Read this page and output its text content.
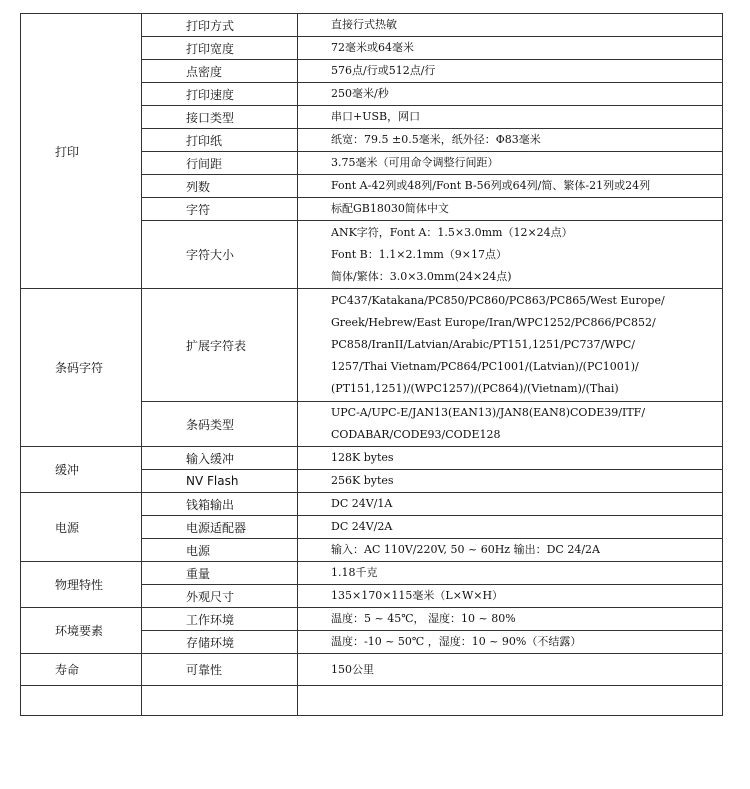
打印	打印方式	直接行式热敏

	打印宽度	72毫米或64毫米

	点密度	576点/行或512点/行

	打印速度	250毫米/秒

	接口类型	串口+USB，网口

	打印纸	纸宽：79.5 ±0.5毫米，纸外径：Φ83毫米

	行间距	3.75毫米（可用命令调整行间距）

	列数	Font A-42列或48列/Font B-56列或64列/简、繁体-21列或24列

	字符	标配GB18030简体中文

	字符大小	ANK字符，Font A：1.5×3.0mm（12×24点）
Font B：1.1×2.1mm（9×17点）
简体/繁体：3.0×3.0mm(24×24点)

条码字符	扩展字符表	PC437/Katakana/PC850/PC860/PC863/PC865/West Europe/
Greek/Hebrew/East Europe/Iran/WPC1252/PC866/PC852/
PC858/IranII/Latvian/Arabic/PT151,1251/PC737/WPC/
1257/Thai Vietnam/PC864/PC1001/(Latvian)/(PC1001)/
(PT151,1251)/(WPC1257)/(PC864)/(Vietnam)/(Thai)

	条码类型	UPC-A/UPC-E/JAN13(EAN13)/JAN8(EAN8)CODE39/ITF/
CODABAR/CODE93/CODE128

缓冲	输入缓冲	128K bytes

	NV Flash	256K bytes

电源	钱箱输出	DC 24V/1A

	电源适配器	DC 24V/2A

	电源	输入：AC 110V/220V, 50 ~ 60Hz 输出：DC 24/2A

物理特性	重量	1.18千克

	外观尺寸	135×170×115毫米（L×W×H）

环境要素	工作环境	温度：5 ~ 45℃， 湿度：10 ~ 80%

	存储环境	温度：-10 ~ 50℃ ，湿度：10 ~ 90%（不结露）

寿命	可靠性	150公里
